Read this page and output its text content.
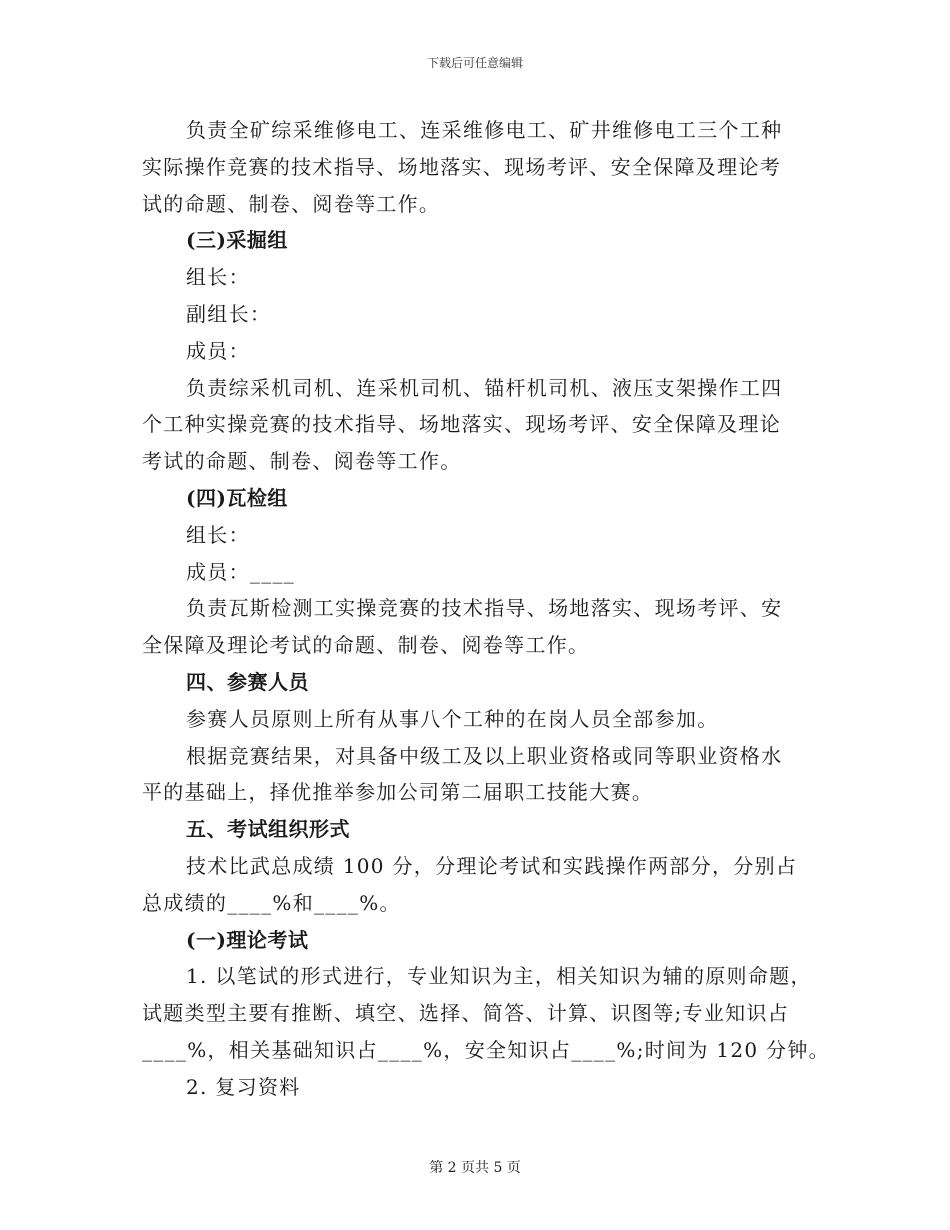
下载后可任意编辑
负责全矿综采维修电工、连采维修电工、矿井维修电工三个工种
实际操作竞赛的技术指导、场地落实、现场考评、安全保障及理论考
试的命题、制卷、阅卷等工作。
(三)采掘组
组长：
副组长：
成员：
负责综采机司机、连采机司机、锚杆机司机、液压支架操作工四
个工种实操竞赛的技术指导、场地落实、现场考评、安全保障及理论
考试的命题、制卷、阅卷等工作。
(四)瓦检组
组长：
成员：____
负责瓦斯检测工实操竞赛的技术指导、场地落实、现场考评、安
全保障及理论考试的命题、制卷、阅卷等工作。
四、参赛人员
参赛人员原则上所有从事八个工种的在岗人员全部参加。
根据竞赛结果，对具备中级工及以上职业资格或同等职业资格水
平的基础上，择优推举参加公司第二届职工技能大赛。
五、考试组织形式
技术比武总成绩 100 分，分理论考试和实践操作两部分，分别占
总成绩的____%和____%。
(一)理论考试
1. 以笔试的形式进行，专业知识为主，相关知识为辅的原则命题，
试题类型主要有推断、填空、选择、简答、计算、识图等;专业知识占
____%，相关基础知识占____%，安全知识占____%;时间为 120 分钟。
2. 复习资料
第 2 页共 5 页
